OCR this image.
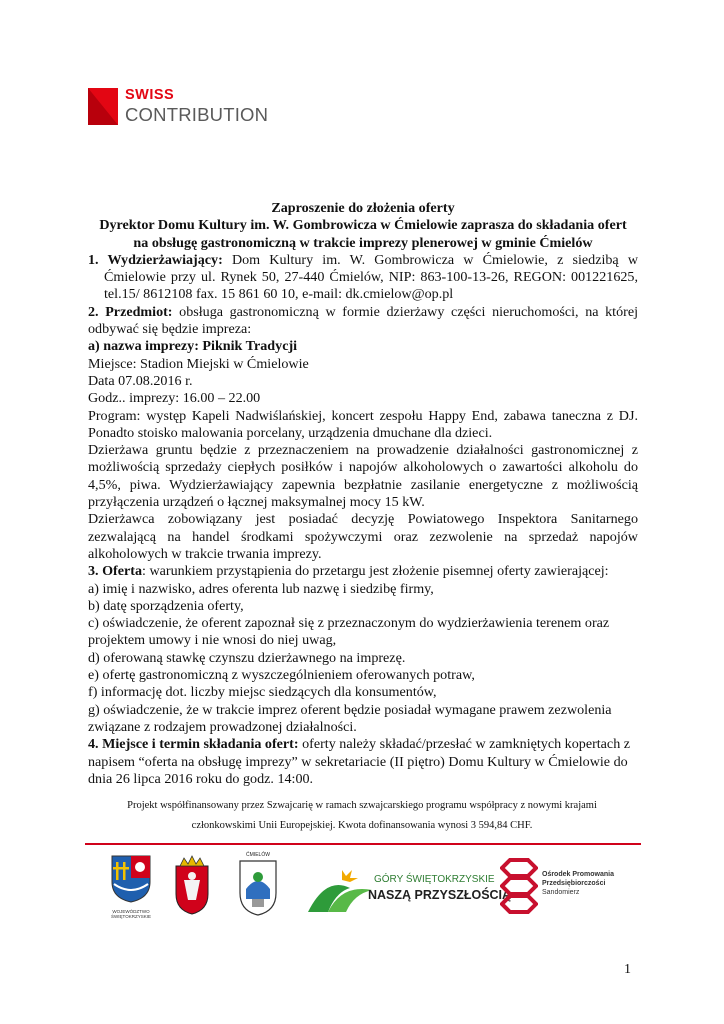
SWISS
CONTRIBUTION

Zaproszenie do złożenia oferty

Dyrektor Domu Kultury im. W. Gombrowicza w Ćmielowie zaprasza do składania ofert

na obsługę gastronomiczną w trakcie imprezy plenerowej w gminie Ćmielów

1. Wydzierżawiający: Dom Kultury im. W. Gombrowicza w Ćmielowie, z siedzibą w Ćmielowie przy ul. Rynek 50, 27-440 Ćmielów, NIP: 863-100-13-26, REGON: 001221625, tel.15/ 8612108 fax. 15 861 60 10, e-mail: dk.cmielow@op.pl

2. Przedmiot: obsługa gastronomiczną w formie dzierżawy części nieruchomości, na której odbywać się będzie impreza:

a) nazwa imprezy: Piknik Tradycji

Miejsce: Stadion Miejski w Ćmielowie

Data 07.08.2016 r.

Godz.. imprezy: 16.00 – 22.00

Program: występ Kapeli Nadwiślańskiej, koncert zespołu Happy End, zabawa taneczna z DJ. Ponadto stoisko malowania porcelany, urządzenia dmuchane dla dzieci.

Dzierżawa gruntu będzie z przeznaczeniem na prowadzenie działalności gastronomicznej z możliwością sprzedaży ciepłych posiłków i napojów alkoholowych o zawartości alkoholu do 4,5%, piwa. Wydzierżawiający zapewnia bezpłatnie zasilanie energetyczne z możliwością przyłączenia urządzeń o łącznej maksymalnej mocy 15 kW.

Dzierżawca zobowiązany jest posiadać decyzję Powiatowego Inspektora Sanitarnego zezwalającą na handel środkami spożywczymi oraz zezwolenie na sprzedaż napojów alkoholowych w trakcie trwania imprezy.

3. Oferta: warunkiem przystąpienia do przetargu jest złożenie pisemnej oferty zawierającej:

a) imię i nazwisko, adres oferenta lub nazwę i siedzibę firmy,

b) datę sporządzenia oferty,

c) oświadczenie, że oferent zapoznał się z przeznaczonym do wydzierżawienia terenem oraz projektem umowy i nie wnosi do niej uwag,

d) oferowaną stawkę czynszu dzierżawnego na imprezę.

e) ofertę gastronomiczną z wyszczególnieniem oferowanych potraw,

f) informację dot. liczby miejsc siedzących dla konsumentów,

g) oświadczenie, że w trakcie imprez oferent będzie posiadał wymagane prawem zezwolenia związane z rodzajem prowadzonej działalności.

4. Miejsce i termin składania ofert: oferty należy składać/przesłać w zamkniętych kopertach z napisem “oferta na obsługę imprezy” w sekretariacie (II piętro) Domu Kultury w Ćmielowie do dnia 26 lipca 2016 roku do godz. 14:00.

Projekt współfinansowany przez Szwajcarię w ramach szwajcarskiego programu współpracy z nowymi krajami
członkowskimi Unii Europejskiej. Kwota dofinansowania wynosi 3 594,84 CHF.
WOJEWÓDZTWO ŚWIĘTOKRZYSKIE
ĆMIELÓW
GÓRY ŚWIĘTOKRZYSKIE
NASZĄ PRZYSZŁOŚCIĄ
Ośrodek Promowania
Przedsiębiorczości
Sandomierz
1
